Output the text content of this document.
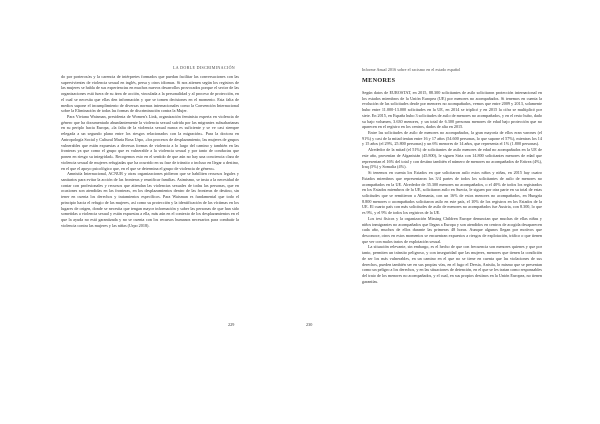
LA DOBLE DISCRIMINACIÓN

do por porteros/as y la carencia de intérpretes formados que puedan facilitar las conversaciones con las supervivientes de violencia sexual en inglés, persa y otros idiomas. Si nos atienen según los registros de las mujeres se habla de sus experiencias en muchos nuevos desarrollos provocados porque el sector de las organizaciones está fuera de su área de acción, vinculada a la personalidad y al proceso de protección, en el cual se necesita que ellas den información y que se tomen decisiones en el momento. Esta falta de medios supone el incumplimiento de diversas normas internacionales como la Convención Internacional sobre la Eliminación de todas las formas de discriminación contra la Mujer.

Para Viviana Waisman, presidenta de Women's Link, organización feminista experta en violencia de género que ha documentado abundantemente la violencia sexual sufrida por las migrantes subsaharianas en su periplo hacia Europa, «la falta de la violencia sexual nunca es suficiente y se ve casi siempre relegada a un segundo plano entre los riesgos relacionados con la migración». Para la doctora en Antropología Social y Cultural María Rosa Urpo, «los procesos de desplazamiento, las mujeres de grupos vulnerables que están expuestas a diversas formas de violencia a lo largo del camino y también en las fronteras ya que como el grupo que es vulnerable a la violencia sexual y por tanto de conductas que ponen en riesgo su integridad». Recogemos esto en el sentido de que aún no hay una conciencia clara de violencia sexual de mujeres refugiadas que ha ocurrido en su fase de tránsito o incluso en llegar a destino, en el que el apoyo psicológico que, en el que se determina el grupo de violencia de género».

Amnistía Internacional, ACNUR y otras organizaciones pidieron que se habiliten recursos legales y sanitarios para evitar la acción de las fronteras y reunificar familias. Asimismo, se insta a la necesidad de contar con profesionales y recursos que atiendan las violencias sexuales de todas las personas, que en ocasiones son atendidas en las fronteras, en los desplazamientos dentro de las fronteras de destino, sin tener en cuenta los derechos y tratamientos específicos. Para Waisman es fundamental que todo el principio hacia el refugio de las mujeres, así como su protección y la identificación de las víctimas en los lugares de origen, donde se necesita que tengan mayor información y saber las personas de que han sido sometidas a violencia sexual y están expuestas a ella, más aún en el contexto de los desplazamientos en el que la ayuda no está garantizada y no se cuenta con los recursos humanos necesarios para combatir la violencia contra las mujeres y las niñas (Urpo 2018).

229
Informe Anual 2016 sobre el racismo en el estado español
MENORES

Según datos de EUROSTAT, en 2015, 88.300 solicitantes de asilo solicitaron protección internacional en los estados miembros de la Unión Europea (UE) por menores no acompañados. Si tenemos en cuenta la evolución de las solicitudes desde por menores no acompañados, vemos que entre 2009 y 2013, solamente hubo entre 11.000-13.000 solicitudes en la UE, en 2014 se triplicó y en 2015 la cifra se multiplicó por siete. En 2015, en España hubo 3 solicitudes de asilo de menores no acompañados, y en el resto hubo, dado su bajo volumen, 3.630 menores, y un total de 6.300 personas menores de edad bajo protección que no aparecen en el registro en los centros, dados de alta en 2015.

Entre las solicitudes de asilo de menores no acompañados, la gran mayoría de ellos eran varones (el 91%) y casi de la mitad tenían entre 16 y 17 años (54.600 personas, lo que supone el 57%), mientras los 14 y 15 años (el 29%, 25.800 personas) y un 6% menores de 14 años, que representa el 1% (1.800 personas).

Alrededor de la mitad (el 51%) de solicitantes de asilo menores de edad no acompañados en la UE de este año, provenían de Afganistán (45.800), le siguen Siria con 14.800 solicitantes menores de edad que representan el 16% del total y con destino también el número de menores no acompañados de Eritrea (4%), Iraq (5%) y Somalia (4%).

Si tenemos en cuenta los Estados en que solicitaron asilo estos niños y niñas, en 2015 hay cuatro Estados miembros que representaron los 3/4 partes de todos los solicitantes de asilo de menores no acompañados en la UE. Alrededor de 35.300 menores no acompañados, o el 40% de todos los registrados en los Estados miembros de la UE, solicitaron asilo en Suecia, le siguen por otra parte en su total de estas solicitudes que se remitieron a Alemania, con un 16% de estos menores no acompañados, en Hungría 8.800 menores o acompañados solicitaron asilo en este país, el 10% de los registros en los Estados de la UE. El cuarto país con más solicitudes de asilo de menores no acompañados fue Austria, con 8.300, lo que es 9%, y el 9% de todos los registros de la UE.

Los test físicos y la organización Missing Children Europe denuncian que muchas de ellas niñas y niños inmigrantes no acompañados que llegan a Europa y son atendidos en centros de acogida desaparecen cada año, muchos de ellos durante las primeras 48 horas. Aunque algunos llegan por motivos que desconoce, otros en estos momentos se encuentran expuestos a riesgos de explotación, tráfico o que tienen que ver con malos tratos de explotación sexual.

La situación relevante, sin embargo, es el hecho de que con frecuencia son menores quienes y que por tanto, permiten un tránsito peligroso, y con inseguridad que las mujeres, menores que tienen la condición de ser los más vulnerables, en un camino en el que no se tiene en cuenta que las violaciones de sus derechos, pueden también ser en sus propias vías, en el fugo el Dersia, Anistía, lo mismo que se presentan como un peligro a los derechos, y en las situaciones de detención, en el que se les tratan como responsables del trato de los menores no acompañados, y el cual, en sus propios destinos en la Unión Europea, no tienen garantías.

230
